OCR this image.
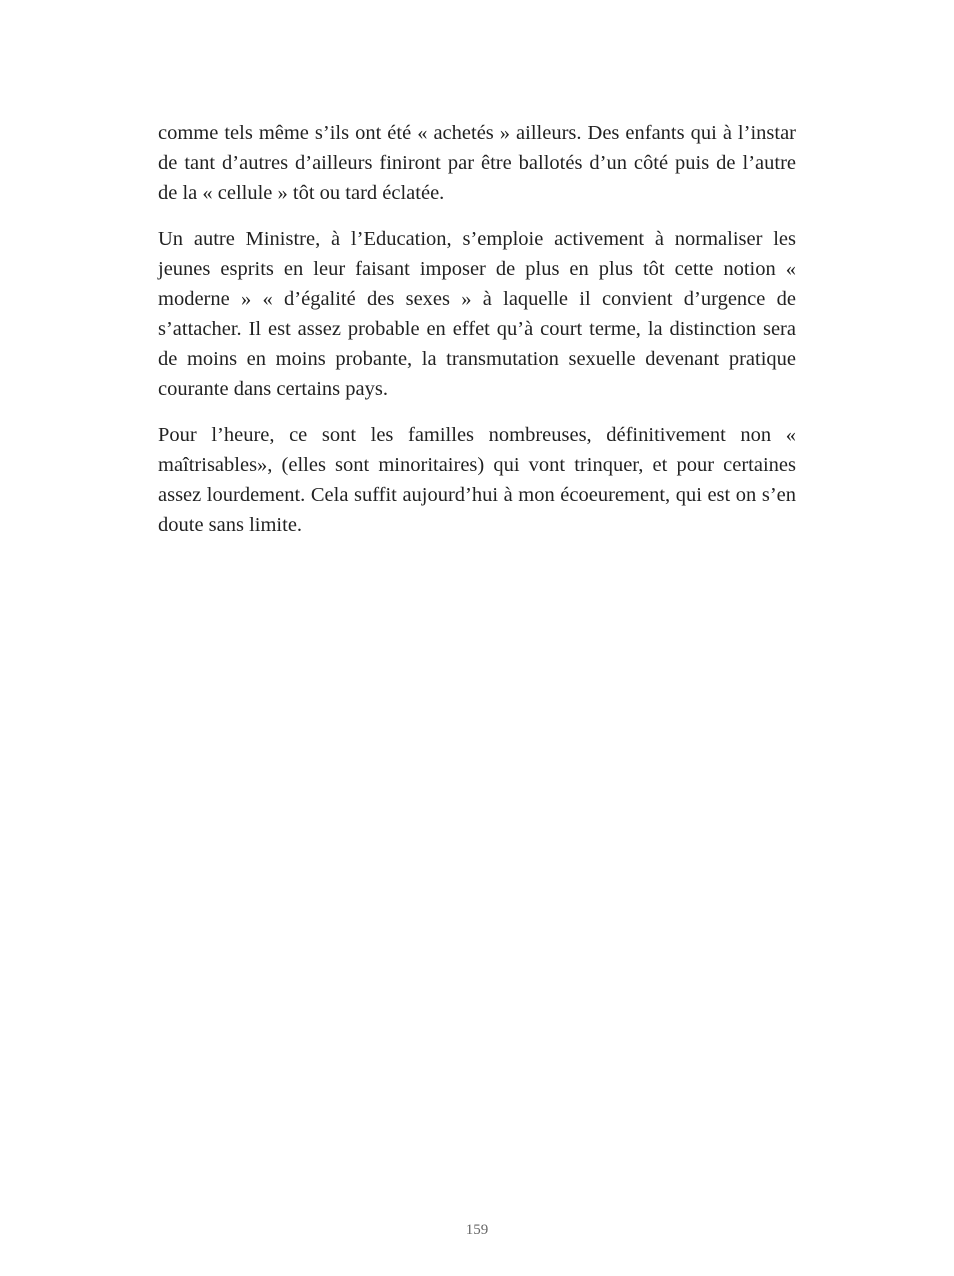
comme tels même s’ils ont été « achetés » ailleurs. Des enfants qui à l’instar de tant d’autres d’ailleurs finiront par être ballotés d’un côté puis de l’autre de la « cellule » tôt ou tard éclatée.

Un autre Ministre, à l’Education, s’emploie activement à normaliser les jeunes esprits en leur faisant imposer de plus en plus tôt cette notion « moderne » « d’égalité des sexes » à laquelle il convient d’urgence de s’attacher. Il est assez probable en effet qu’à court terme, la distinction sera de moins en moins probante, la transmutation sexuelle devenant pratique courante dans certains pays.

Pour l’heure, ce sont les familles nombreuses, définitivement non « maîtrisables», (elles sont minoritaires) qui vont trinquer, et pour certaines assez lourdement. Cela suffit aujourd’hui à mon écoeurement, qui est on s’en doute sans limite.

159
